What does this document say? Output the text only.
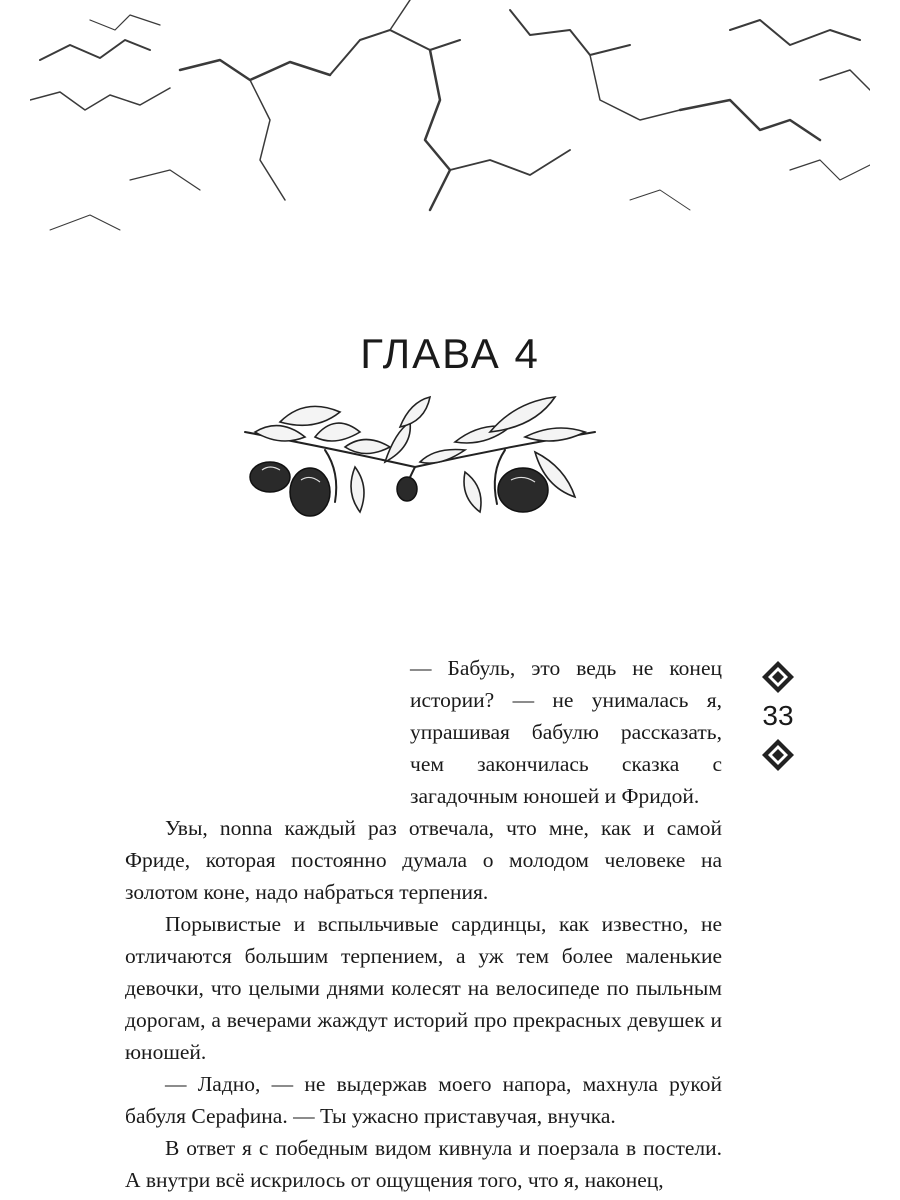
ГЛАВА 4

— Бабуль, это ведь не конец истории? — не унималась я, упрашивая бабулю рассказать, чем закончилась сказка с загадочным юношей и Фридой.

Увы, nonna каждый раз отвечала, что мне, как и самой Фриде, которая постоянно думала о молодом человеке на золотом коне, надо набраться терпения.

Порывистые и вспыльчивые сардинцы, как известно, не отличаются большим терпением, а уж тем более маленькие девочки, что целыми днями колесят на велосипеде по пыльным дорогам, а вечерами жаждут историй про прекрасных девушек и юношей.

— Ладно, — не выдержав моего напора, махнула рукой бабуля Серафина. — Ты ужасно приставучая, внучка.

В ответ я с победным видом кивнула и поерзала в постели. А внутри всё искрилось от ощущения того, что я, наконец,

33
